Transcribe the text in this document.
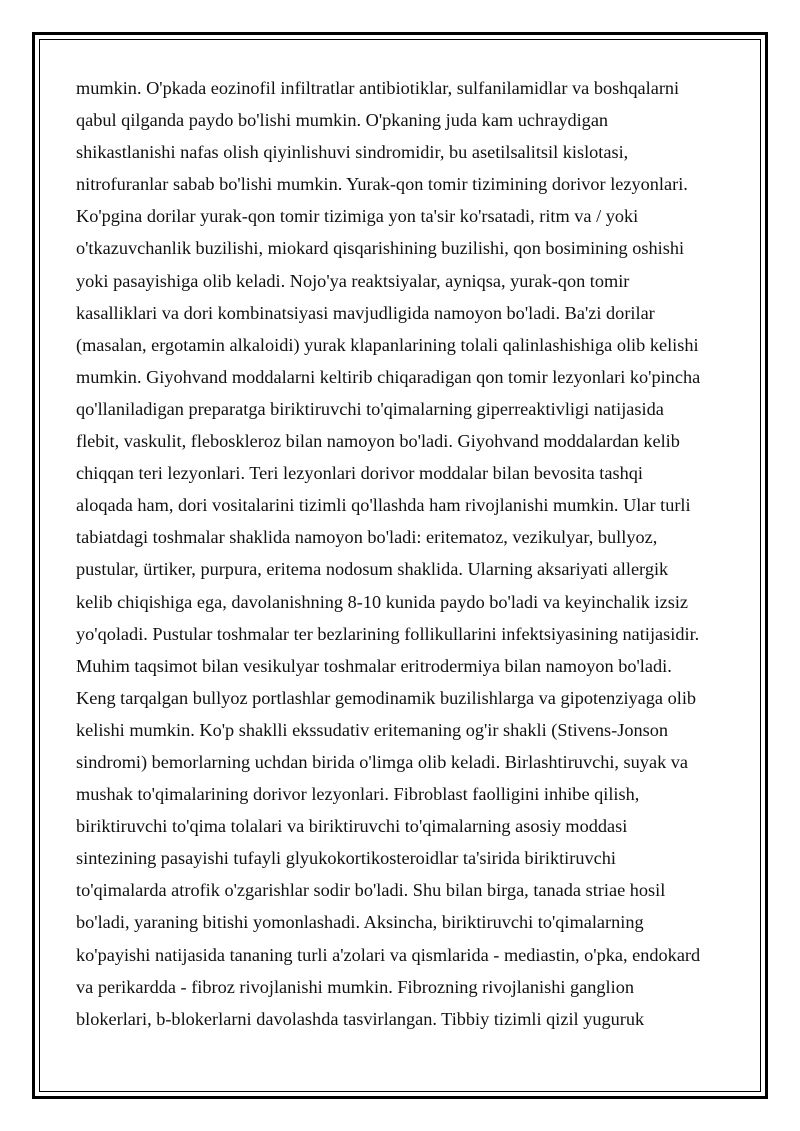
mumkin. O'pkada eozinofil infiltratlar antibiotiklar, sulfanilamidlar va boshqalarni
qabul qilganda paydo bo'lishi mumkin. O'pkaning juda kam uchraydigan
shikastlanishi nafas olish qiyinlishuvi sindromidir, bu asetilsalitsil kislotasi,
nitrofuranlar sabab bo'lishi mumkin. Yurak-qon tomir tizimining dorivor lezyonlari.
Ko'pgina dorilar yurak-qon tomir tizimiga yon ta'sir ko'rsatadi, ritm va / yoki
o'tkazuvchanlik buzilishi, miokard qisqarishining buzilishi, qon bosimining oshishi
yoki pasayishiga olib keladi. Nojo'ya reaktsiyalar, ayniqsa, yurak-qon tomir
kasalliklari va dori kombinatsiyasi mavjudligida namoyon bo'ladi. Ba'zi dorilar
(masalan, ergotamin alkaloidi) yurak klapanlarining tolali qalinlashishiga olib kelishi
mumkin. Giyohvand moddalarni keltirib chiqaradigan qon tomir lezyonlari ko'pincha
qo'llaniladigan preparatga biriktiruvchi to'qimalarning giperreaktivligi natijasida
flebit, vaskulit, fleboskleroz bilan namoyon bo'ladi. Giyohvand moddalardan kelib
chiqqan teri lezyonlari. Teri lezyonlari dorivor moddalar bilan bevosita tashqi
aloqada ham, dori vositalarini tizimli qo'llashda ham rivojlanishi mumkin. Ular turli
tabiatdagi toshmalar shaklida namoyon bo'ladi: eritematoz, vezikulyar, bullyoz,
pustular, ürtiker, purpura, eritema nodosum shaklida. Ularning aksariyati allergik
kelib chiqishiga ega, davolanishning 8-10 kunida paydo bo'ladi va keyinchalik izsiz
yo'qoladi. Pustular toshmalar ter bezlarining follikullarini infektsiyasining natijasidir.
Muhim taqsimot bilan vesikulyar toshmalar eritrodermiya bilan namoyon bo'ladi.
Keng tarqalgan bullyoz portlashlar gemodinamik buzilishlarga va gipotenziyaga olib
kelishi mumkin. Ko'p shaklli ekssudativ eritemaning og'ir shakli (Stivens-Jonson
sindromi) bemorlarning uchdan birida o'limga olib keladi. Birlashtiruvchi, suyak va
mushak to'qimalarining dorivor lezyonlari. Fibroblast faolligini inhibe qilish,
biriktiruvchi to'qima tolalari va biriktiruvchi to'qimalarning asosiy moddasi
sintezining pasayishi tufayli glyukokortikosteroidlar ta'sirida biriktiruvchi
to'qimalarda atrofik o'zgarishlar sodir bo'ladi. Shu bilan birga, tanada striae hosil
bo'ladi, yaraning bitishi yomonlashadi. Aksincha, biriktiruvchi to'qimalarning
ko'payishi natijasida tananing turli a'zolari va qismlarida - mediastin, o'pka, endokard
va perikardda - fibroz rivojlanishi mumkin. Fibrozning rivojlanishi ganglion
blokerlari, b-blokerlarni davolashda tasvirlangan. Tibbiy tizimli qizil yuguruk
